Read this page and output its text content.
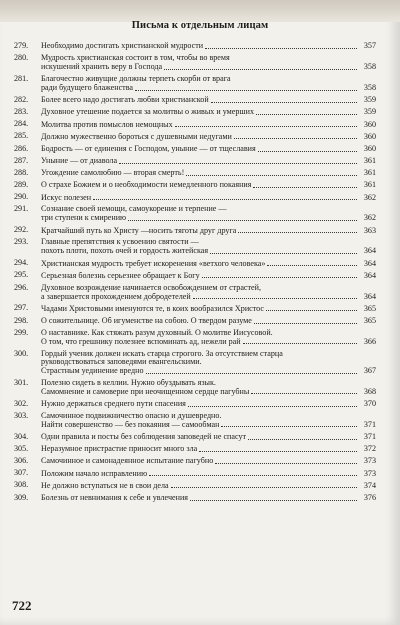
Письма к отдельным лицам
279.	Необходимо достигать христианской мудрости	357
280.	Мудрость христианская состоит в том, чтобы во время
искушений хранить веру в Господа	358
281.	Благочестно живущие должны терпеть скорби от врага
ради будущего блаженства	358
282.	Более всего надо достигать любви христианской	359
283.	Духовное утешение подается за молитвы о живых и умерших	359
284.	Молитва против помыслов немощных	360
285.	Должно мужественно бороться с душевными недугами	360
286.	Бодрость — от единения с Господом, уныние — от тщеславия	360
287.	Уныние — от диавола	361
288.	Угождение самолюбию — вторая смерть!	361
289.	О страхе Божием и о необходимости немедленного покаяния	361
290.	Искус полезен	362
291.	Сознание своей немощи, самоукорение и терпение —
три ступени к смирению	362
292.	Кратчайший путь ко Христу —носить тяготы друг друга	363
293.	Главные препятствия к усвоению святости —
похоть плоти, похоть очей и гордость житейская	364
294.	Христианская мудрость требует искоренения «ветхого человека»	364
295.	Серьезная болезнь серьезнее обращает к Богу	364
296.	Духовное возрождение начинается освобождением от страстей,
а завершается прохождением добродетелей	364
297.	Чадами Христовыми именуются те, в коих вообразился Христос	365
298.	О сожительнице. Об игуменстве на собою. О твердом разуме	365
299.	О наставнике. Как стяжать разум духовный. О молитве Иисусовой.
О том, что грешнику полезнее вспоминать ад, нежели рай	366
300.	Гордый ученик должен искать старца строгого. За отсутствием старца
руководствоваться заповедями евангельскими.
Страстным уединение вредно	367
301.	Полезно сидеть в келлии. Нужно обуздывать язык.
Самомнение и самоверие при неочищенном сердце пагубны	368
302.	Нужно держаться среднего пути спасения	370
303.	Самочинное подвижничество опасно и душевредно.
Найти совершенство — без покаяния — самообман	371
304.	Одни правила и посты без соблюдения заповедей не спасут	371
305.	Неразумное пристрастие приносит много зла	372
306.	Самочинное и самонадеянное испытание пагубно	373
307.	Положим начало исправлению	373
308.	Не должно вступаться не в свои дела	374
309.	Болезнь от невнимания к себе и увлечения	376
722
